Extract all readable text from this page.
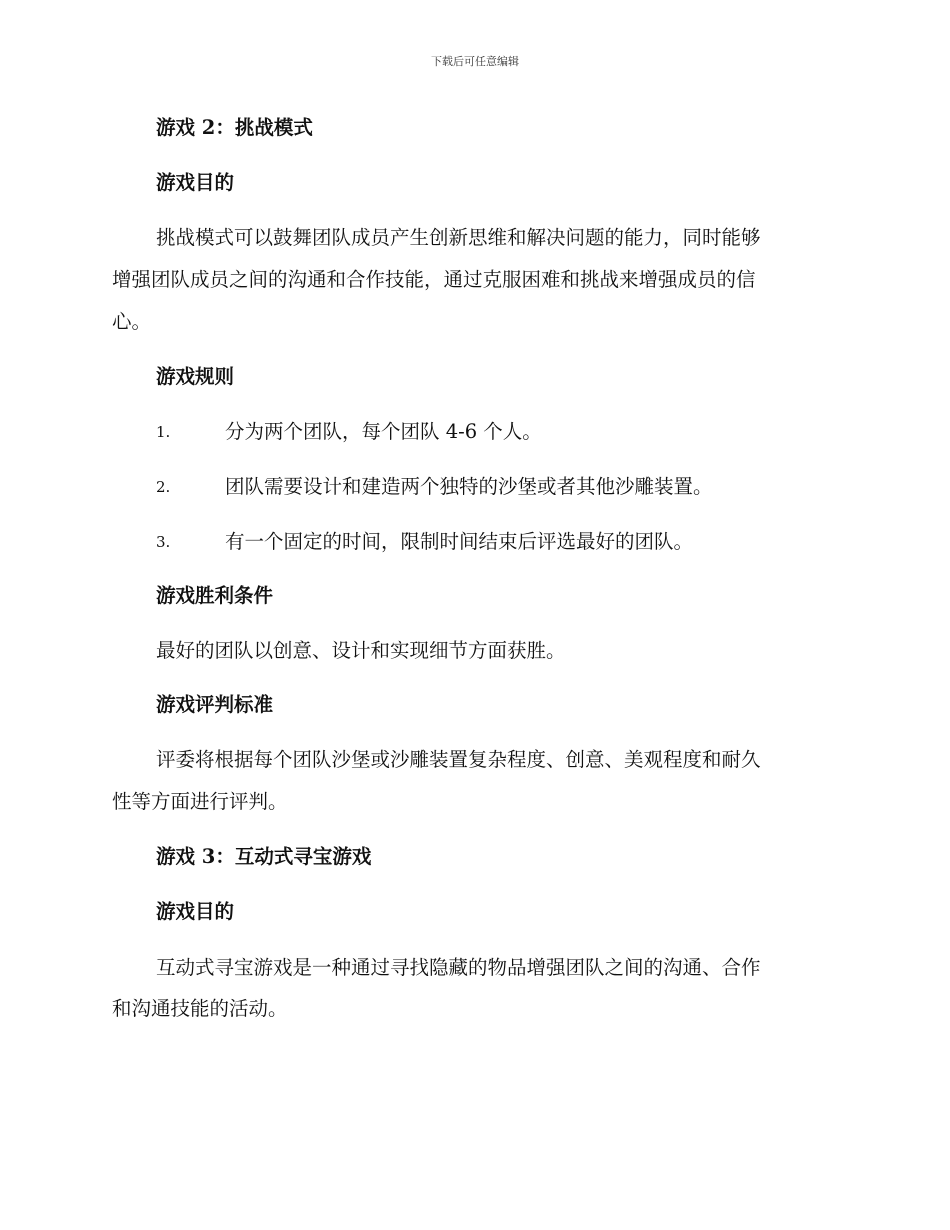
下载后可任意编辑
游戏 2：挑战模式
游戏目的
挑战模式可以鼓舞团队成员产生创新思维和解决问题的能力，同时能够
增强团队成员之间的沟通和合作技能，通过克服困难和挑战来增强成员的信
心。
游戏规则
1.	分为两个团队，每个团队 4-6 个人。
2.	团队需要设计和建造两个独特的沙堡或者其他沙雕装置。
3.	有一个固定的时间，限制时间结束后评选最好的团队。
游戏胜利条件
最好的团队以创意、设计和实现细节方面获胜。
游戏评判标准
评委将根据每个团队沙堡或沙雕装置复杂程度、创意、美观程度和耐久
性等方面进行评判。
游戏 3：互动式寻宝游戏
游戏目的
互动式寻宝游戏是一种通过寻找隐藏的物品增强团队之间的沟通、合作
和沟通技能的活动。
